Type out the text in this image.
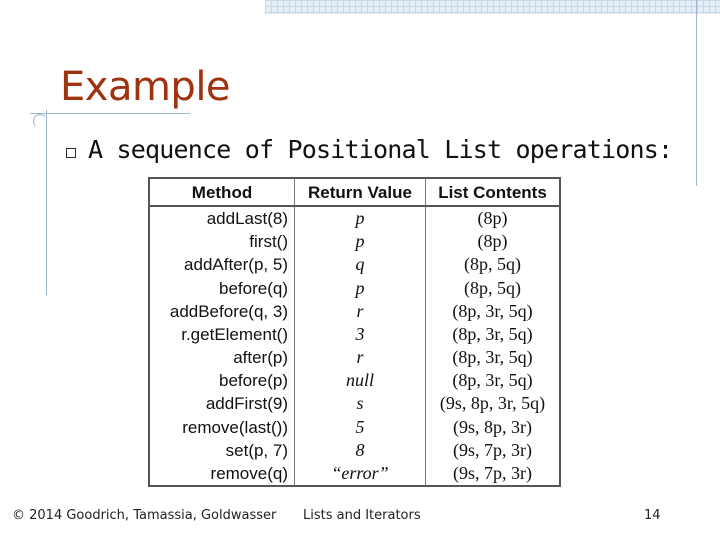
Example
A sequence of Positional List operations:
Method	Return Value	List Contents
addLast(8)	p	(8p)
first()	p	(8p)
addAfter(p, 5)	q	(8p, 5q)
before(q)	p	(8p, 5q)
addBefore(q, 3)	r	(8p, 3r, 5q)
r.getElement()	3	(8p, 3r, 5q)
after(p)	r	(8p, 3r, 5q)
before(p)	null	(8p, 3r, 5q)
addFirst(9)	s	(9s, 8p, 3r, 5q)
remove(last())	5	(9s, 8p, 3r)
set(p, 7)	8	(9s, 7p, 3r)
remove(q)	“error”	(9s, 7p, 3r)
© 2014 Goodrich, Tamassia, Goldwasser Lists and Iterators	14
